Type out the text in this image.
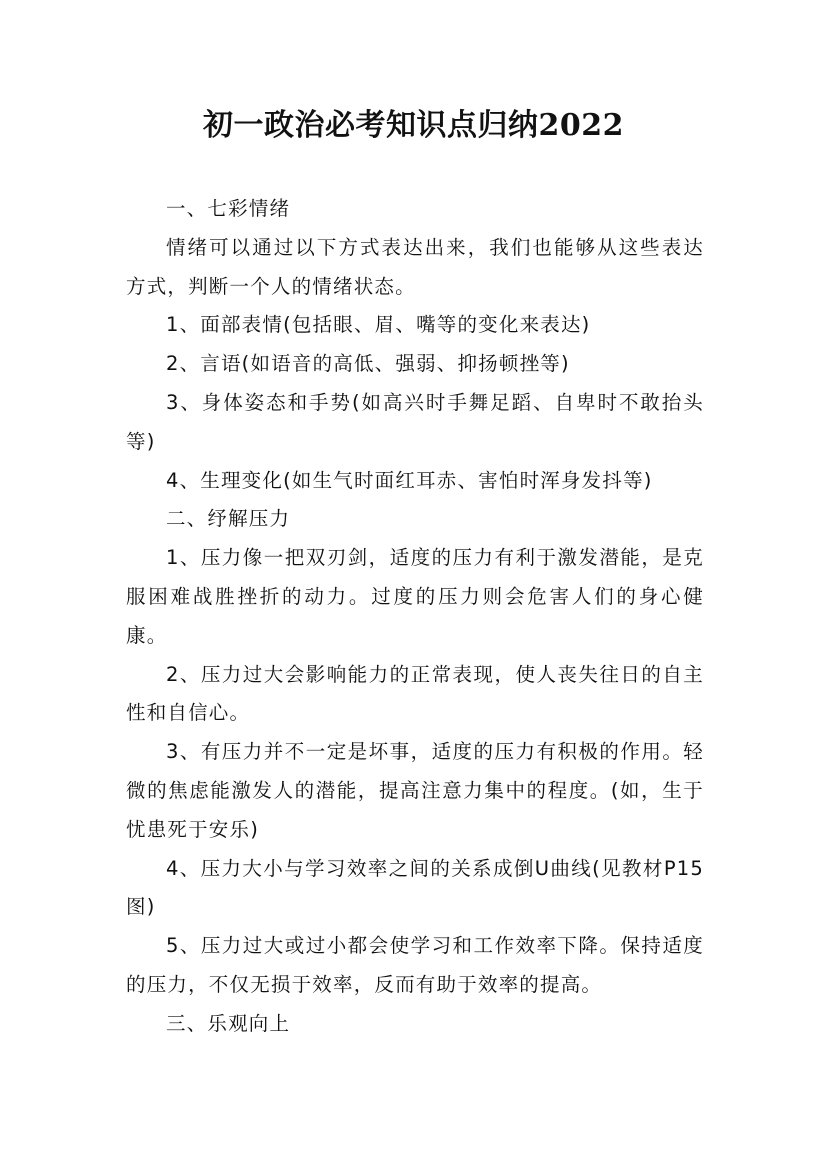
初一政治必考知识点归纳2022

一、七彩情绪

情绪可以通过以下方式表达出来，我们也能够从这些表达方式，判断一个人的情绪状态。

1、面部表情(包括眼、眉、嘴等的变化来表达)

2、言语(如语音的高低、强弱、抑扬顿挫等)

3、身体姿态和手势(如高兴时手舞足蹈、自卑时不敢抬头等)

4、生理变化(如生气时面红耳赤、害怕时浑身发抖等)

二、纾解压力

1、压力像一把双刃剑，适度的压力有利于激发潜能，是克服困难战胜挫折的动力。过度的压力则会危害人们的身心健康。

2、压力过大会影响能力的正常表现，使人丧失往日的自主性和自信心。

3、有压力并不一定是坏事，适度的压力有积极的作用。轻微的焦虑能激发人的潜能，提高注意力集中的程度。(如，生于忧患死于安乐)

4、压力大小与学习效率之间的关系成倒U曲线(见教材P15图)

5、压力过大或过小都会使学习和工作效率下降。保持适度的压力，不仅无损于效率，反而有助于效率的提高。

三、乐观向上
